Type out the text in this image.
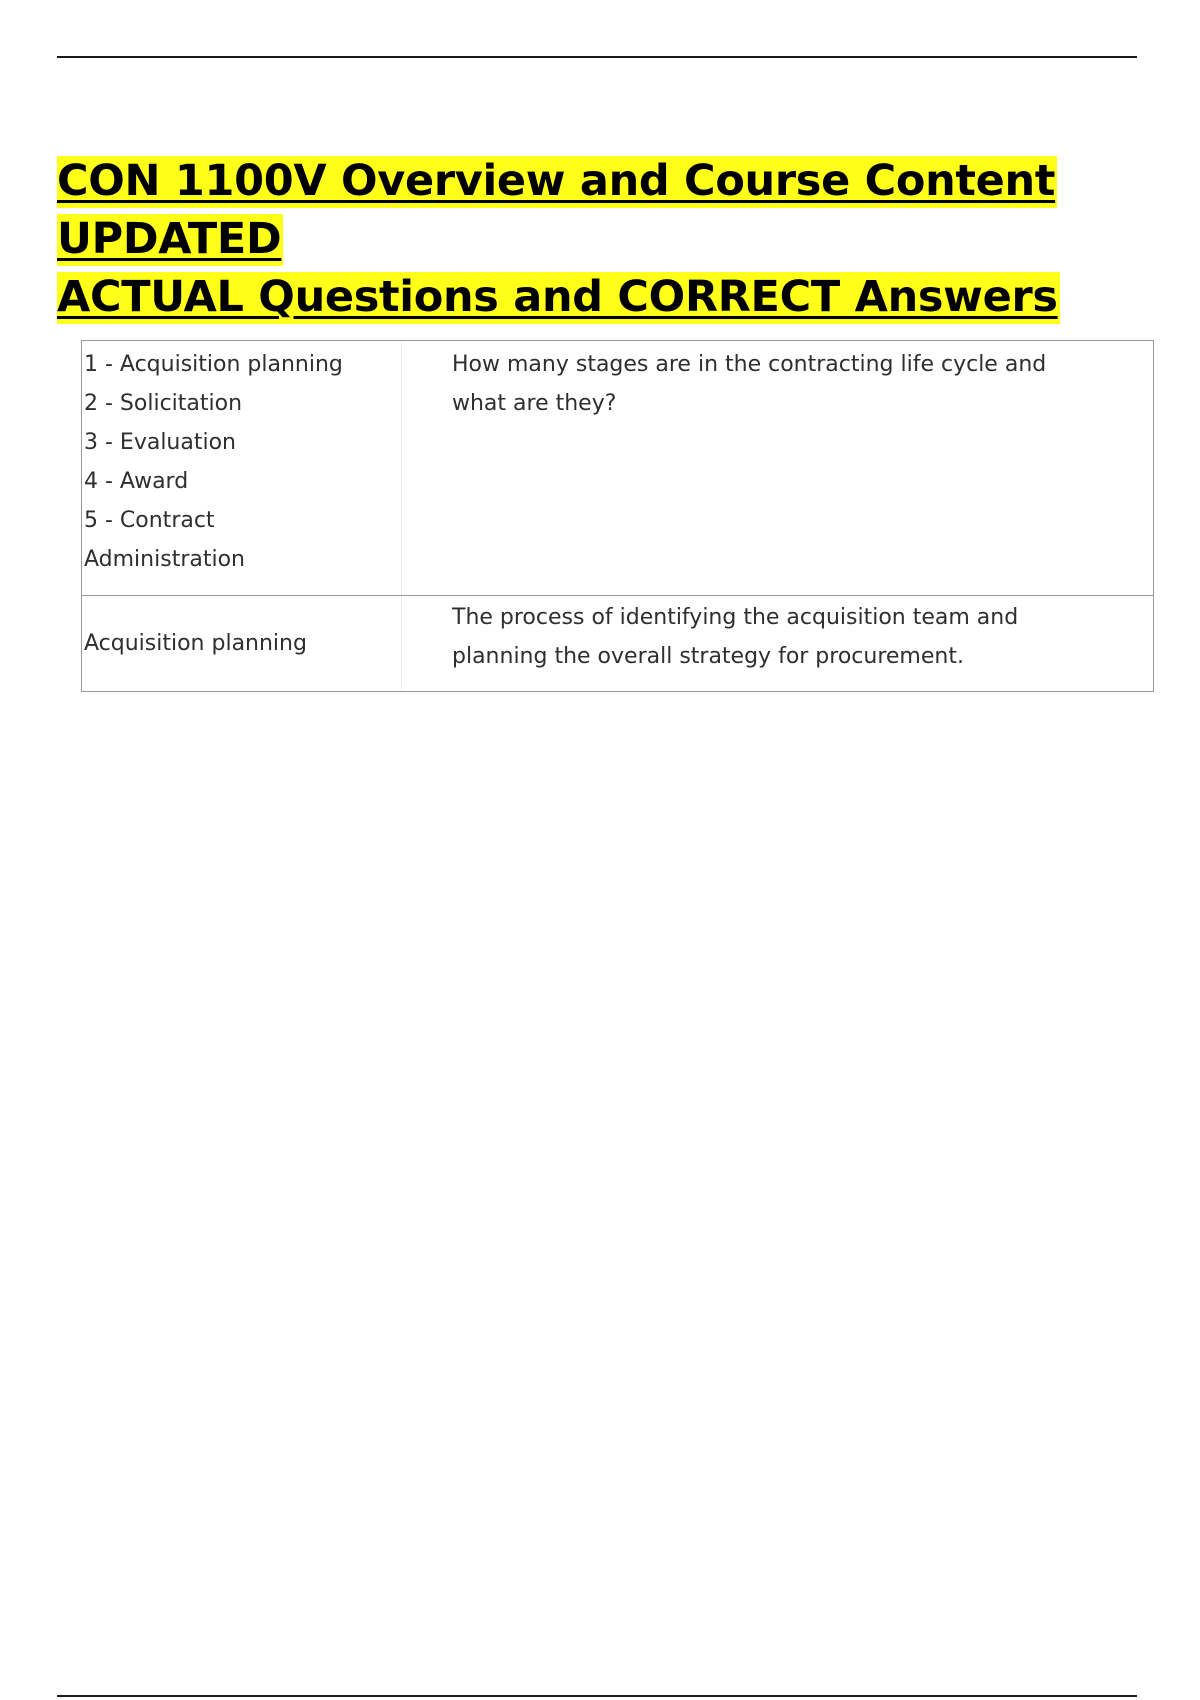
CON 1100V Overview and Course Content UPDATED
ACTUAL Questions and CORRECT Answers
1 - Acquisition planning
2 - Solicitation
3 - Evaluation
4 - Award
5 - Contract
Administration
How many stages are in the contracting life cycle and what are they?
Acquisition planning
The process of identifying the acquisition team and planning the overall strategy for procurement.
